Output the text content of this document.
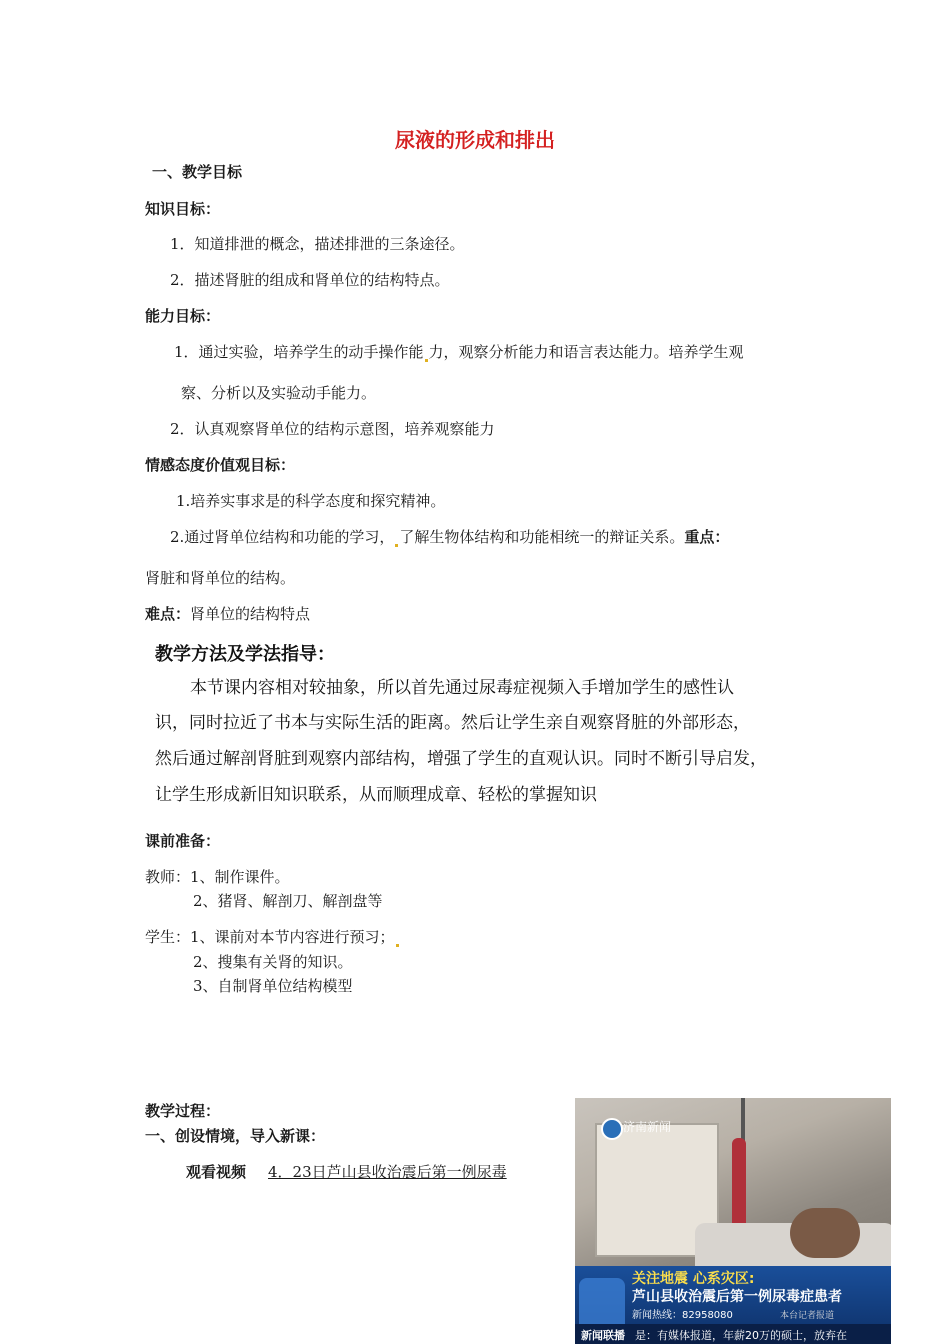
尿液的形成和排出
一、教学目标
知识目标：
1．知道排泄的概念，描述排泄的三条途径。
2．描述肾脏的组成和肾单位的结构特点。
能力目标：
1．通过实验，培养学生的动手操作能 力，观察分析能力和语言表达能力。培养学生观
察、分析以及实验动手能力。
2．认真观察肾单位的结构示意图，培养观察能力
情感态度价值观目标：
1.培养实事求是的科学态度和探究精神。
2.通过肾单位结构和功能的学习， 了解生物体结构和功能相统一的辩证关系。重点：
肾脏和肾单位的结构。
难点：肾单位的结构特点
教学方法及学法指导：
本节课内容相对较抽象，所以首先通过尿毒症视频入手增加学生的感性认
识，同时拉近了书本与实际生活的距离。然后让学生亲自观察肾脏的外部形态，
然后通过解剖肾脏到观察内部结构，增强了学生的直观认识。同时不断引导启发，
让学生形成新旧知识联系，从而顺理成章、轻松的掌握知识
课前准备：
教师：1、制作课件。
2、猪肾、解剖刀、解剖盘等
学生：1、课前对本节内容进行预习；
2、搜集有关肾的知识。
3、自制肾单位结构模型
教学过程：
一、创设情境，导入新课：
观看视频 4．23日芦山县收治震后第一例尿毒
济南新闻
关注地震 心系灾区:
芦山县收治震后第一例尿毒症患者
新闻热线：82958080	本台记者报道
新闻联播 是：有媒体报道，年薪20万的硕士，放弃在
